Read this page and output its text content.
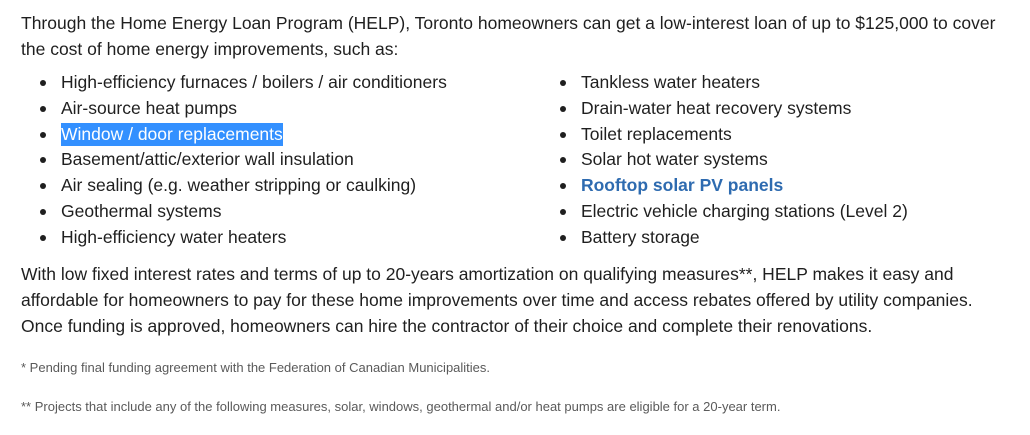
Through the Home Energy Loan Program (HELP), Toronto homeowners can get a low-interest loan of up to $125,000 to cover the cost of home energy improvements, such as:

High-efficiency furnaces / boilers / air conditioners
Air-source heat pumps
Window / door replacements
Basement/attic/exterior wall insulation
Air sealing (e.g. weather stripping or caulking)
Geothermal systems
High-efficiency water heaters
Tankless water heaters
Drain-water heat recovery systems
Toilet replacements
Solar hot water systems
Rooftop solar PV panels
Electric vehicle charging stations (Level 2)
Battery storage

With low fixed interest rates and terms of up to 20-years amortization on qualifying measures**, HELP makes it easy and affordable for homeowners to pay for these home improvements over time and access rebates offered by utility companies. Once funding is approved, homeowners can hire the contractor of their choice and complete their renovations.

* Pending final funding agreement with the Federation of Canadian Municipalities.

** Projects that include any of the following measures, solar, windows, geothermal and/or heat pumps are eligible for a 20-year term.
